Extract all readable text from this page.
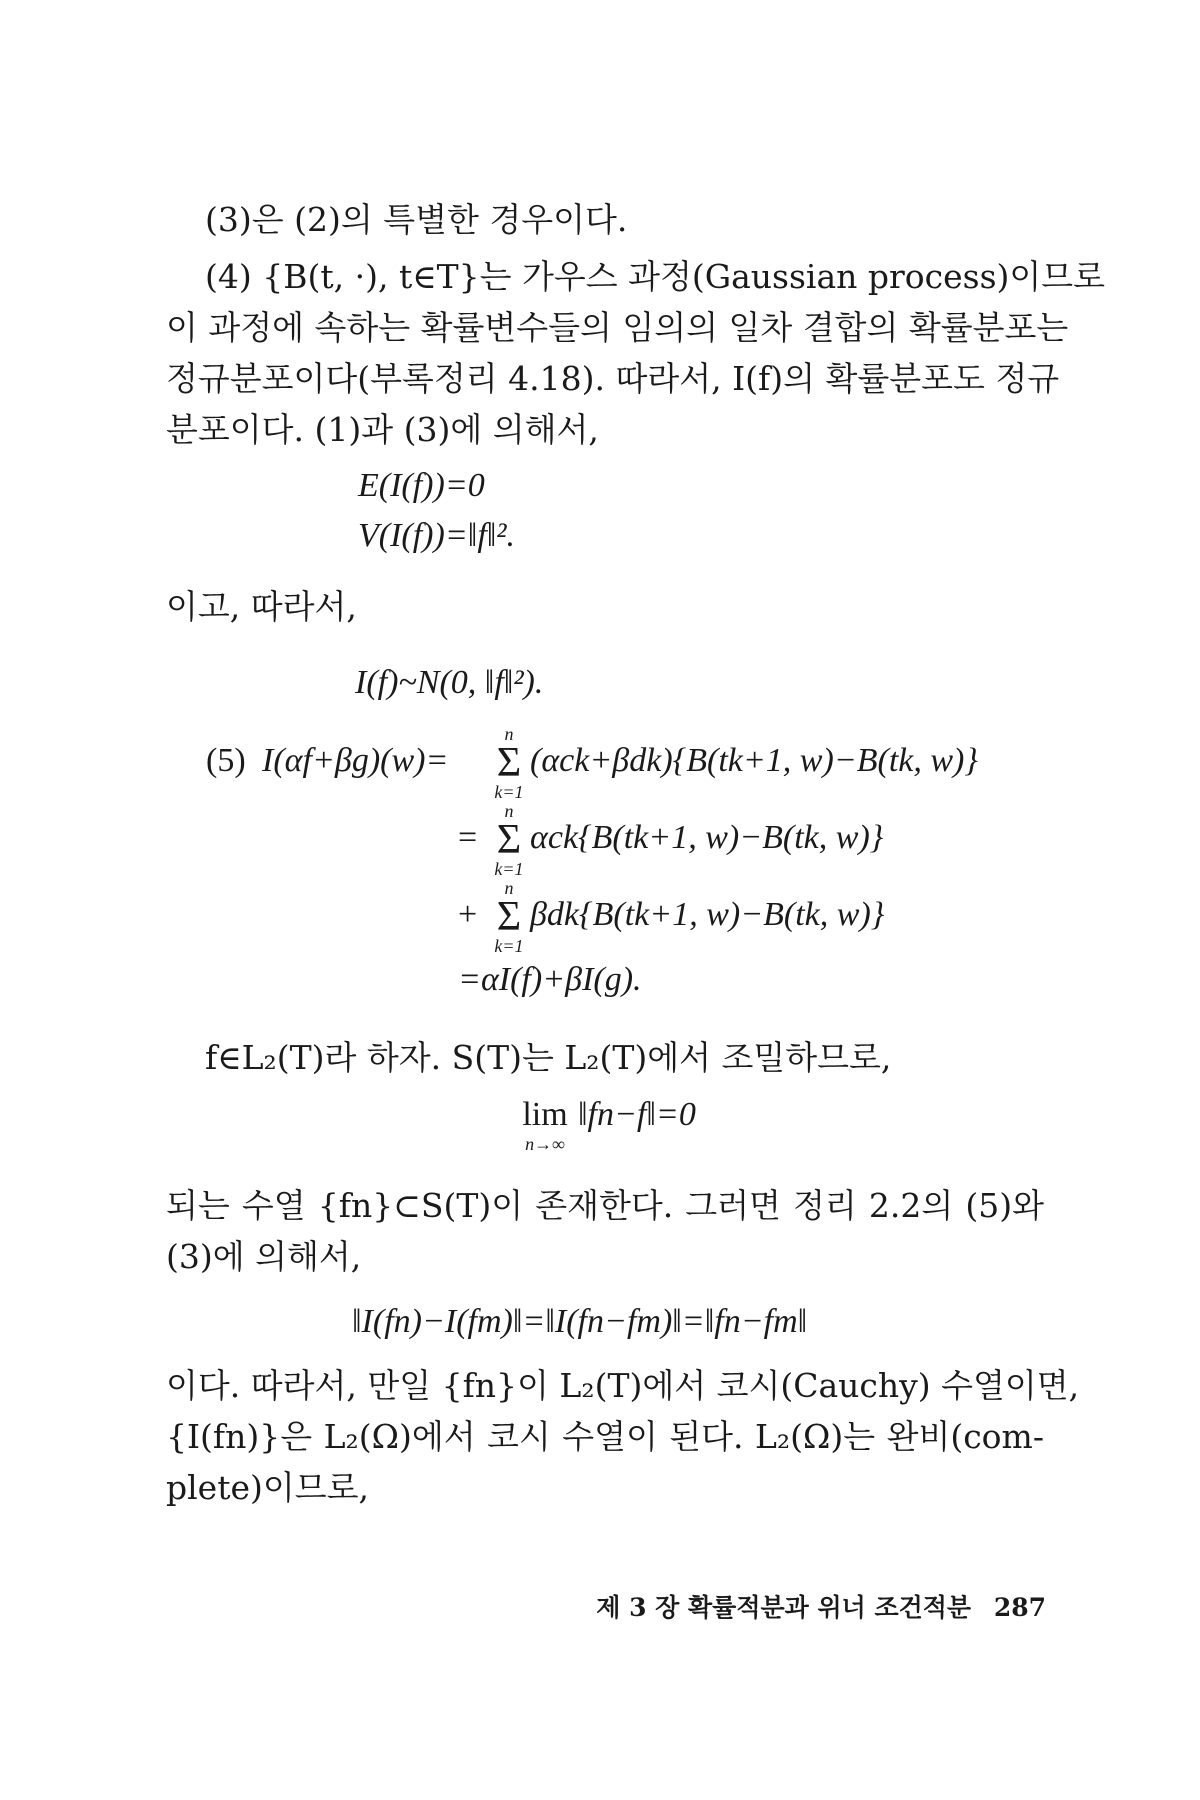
(3)은 (2)의 특별한 경우이다.
(4) {B(t, ·), t∈T}는 가우스 과정(Gaussian process)이므로
이 과정에 속하는 확률변수들의 임의의 일차 결합의 확률분포는
정규분포이다(부록정리 4.18). 따라서, I(f)의 확률분포도 정규
분포이다. (1)과 (3)에 의해서,
E(I(f))=0
V(I(f))=‖f‖².
이고, 따라서,
I(f)~N(0, ‖f‖²).
(5) I(αf+βg)(w)=
n
Σ
k=1
(αck+βdk){B(tk+1, w)−B(tk, w)}
=
n
Σ
k=1
αck{B(tk+1, w)−B(tk, w)}
+
n
Σ
k=1
βdk{B(tk+1, w)−B(tk, w)}
=αI(f)+βI(g).
f∈L₂(T)라 하자. S(T)는 L₂(T)에서 조밀하므로,
lim
n→∞
‖fn−f‖=0
되는 수열 {fn}⊂S(T)이 존재한다. 그러면 정리 2.2의 (5)와
(3)에 의해서,
‖I(fn)−I(fm)‖=‖I(fn−fm)‖=‖fn−fm‖
이다. 따라서, 만일 {fn}이 L₂(T)에서 코시(Cauchy) 수열이면,
{I(fn)}은 L₂(Ω)에서 코시 수열이 된다. L₂(Ω)는 완비(com-
plete)이므로,
제 3 장 확률적분과 위너 조건적분 287
